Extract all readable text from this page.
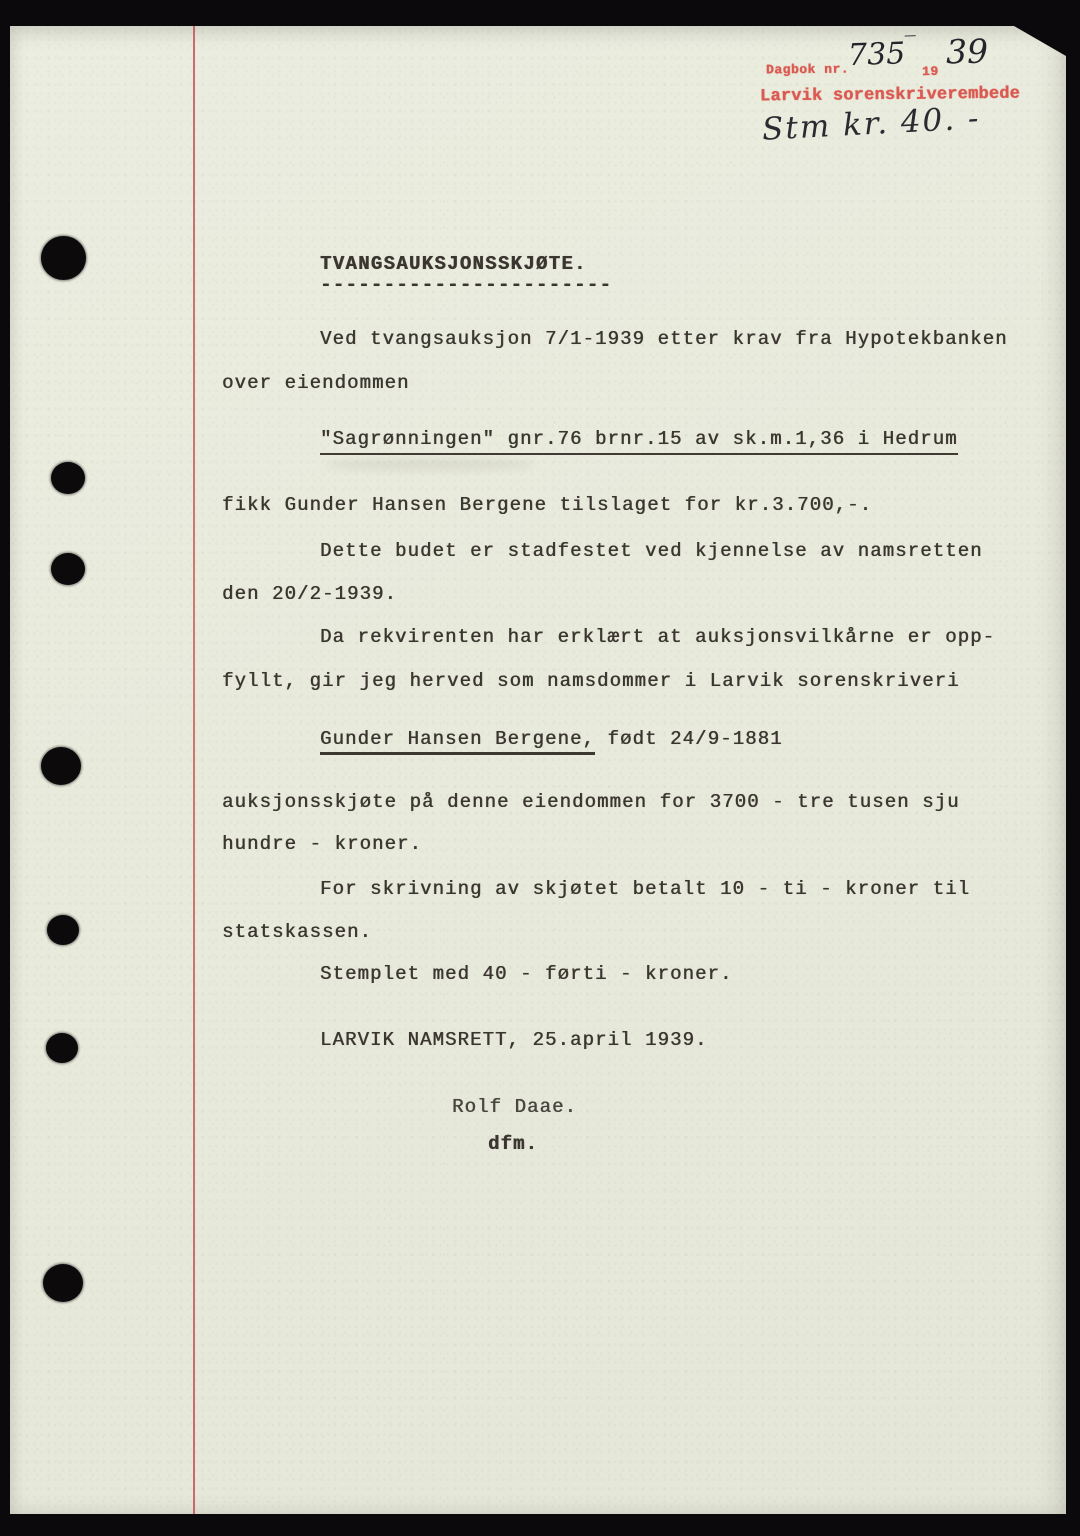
Dagbok nr.
735‾
19
39
Larvik sorenskriverembede
Stm kr. 40. -
TVANGSAUKSJONSSKJØTE.
-----------------------
Ved tvangsauksjon 7/1-1939 etter krav fra Hypotekbanken
over eiendommen
"Sagrønningen" gnr.76 brnr.15 av sk.m.1,36 i Hedrum
fikk Gunder Hansen Bergene tilslaget for kr.3.700,-.
Dette budet er stadfestet ved kjennelse av namsretten
den 20/2-1939.
Da rekvirenten har erklært at auksjonsvilkårne er opp-
fyllt, gir jeg herved som namsdommer i Larvik sorenskriveri
Gunder Hansen Bergene, født 24/9-1881
auksjonsskjøte på denne eiendommen for 3700 - tre tusen sju
hundre - kroner.
For skrivning av skjøtet betalt 10 - ti - kroner til
statskassen.
Stemplet med 40 - førti - kroner.
LARVIK NAMSRETT, 25.april 1939.
Rolf Daae.
dfm.
